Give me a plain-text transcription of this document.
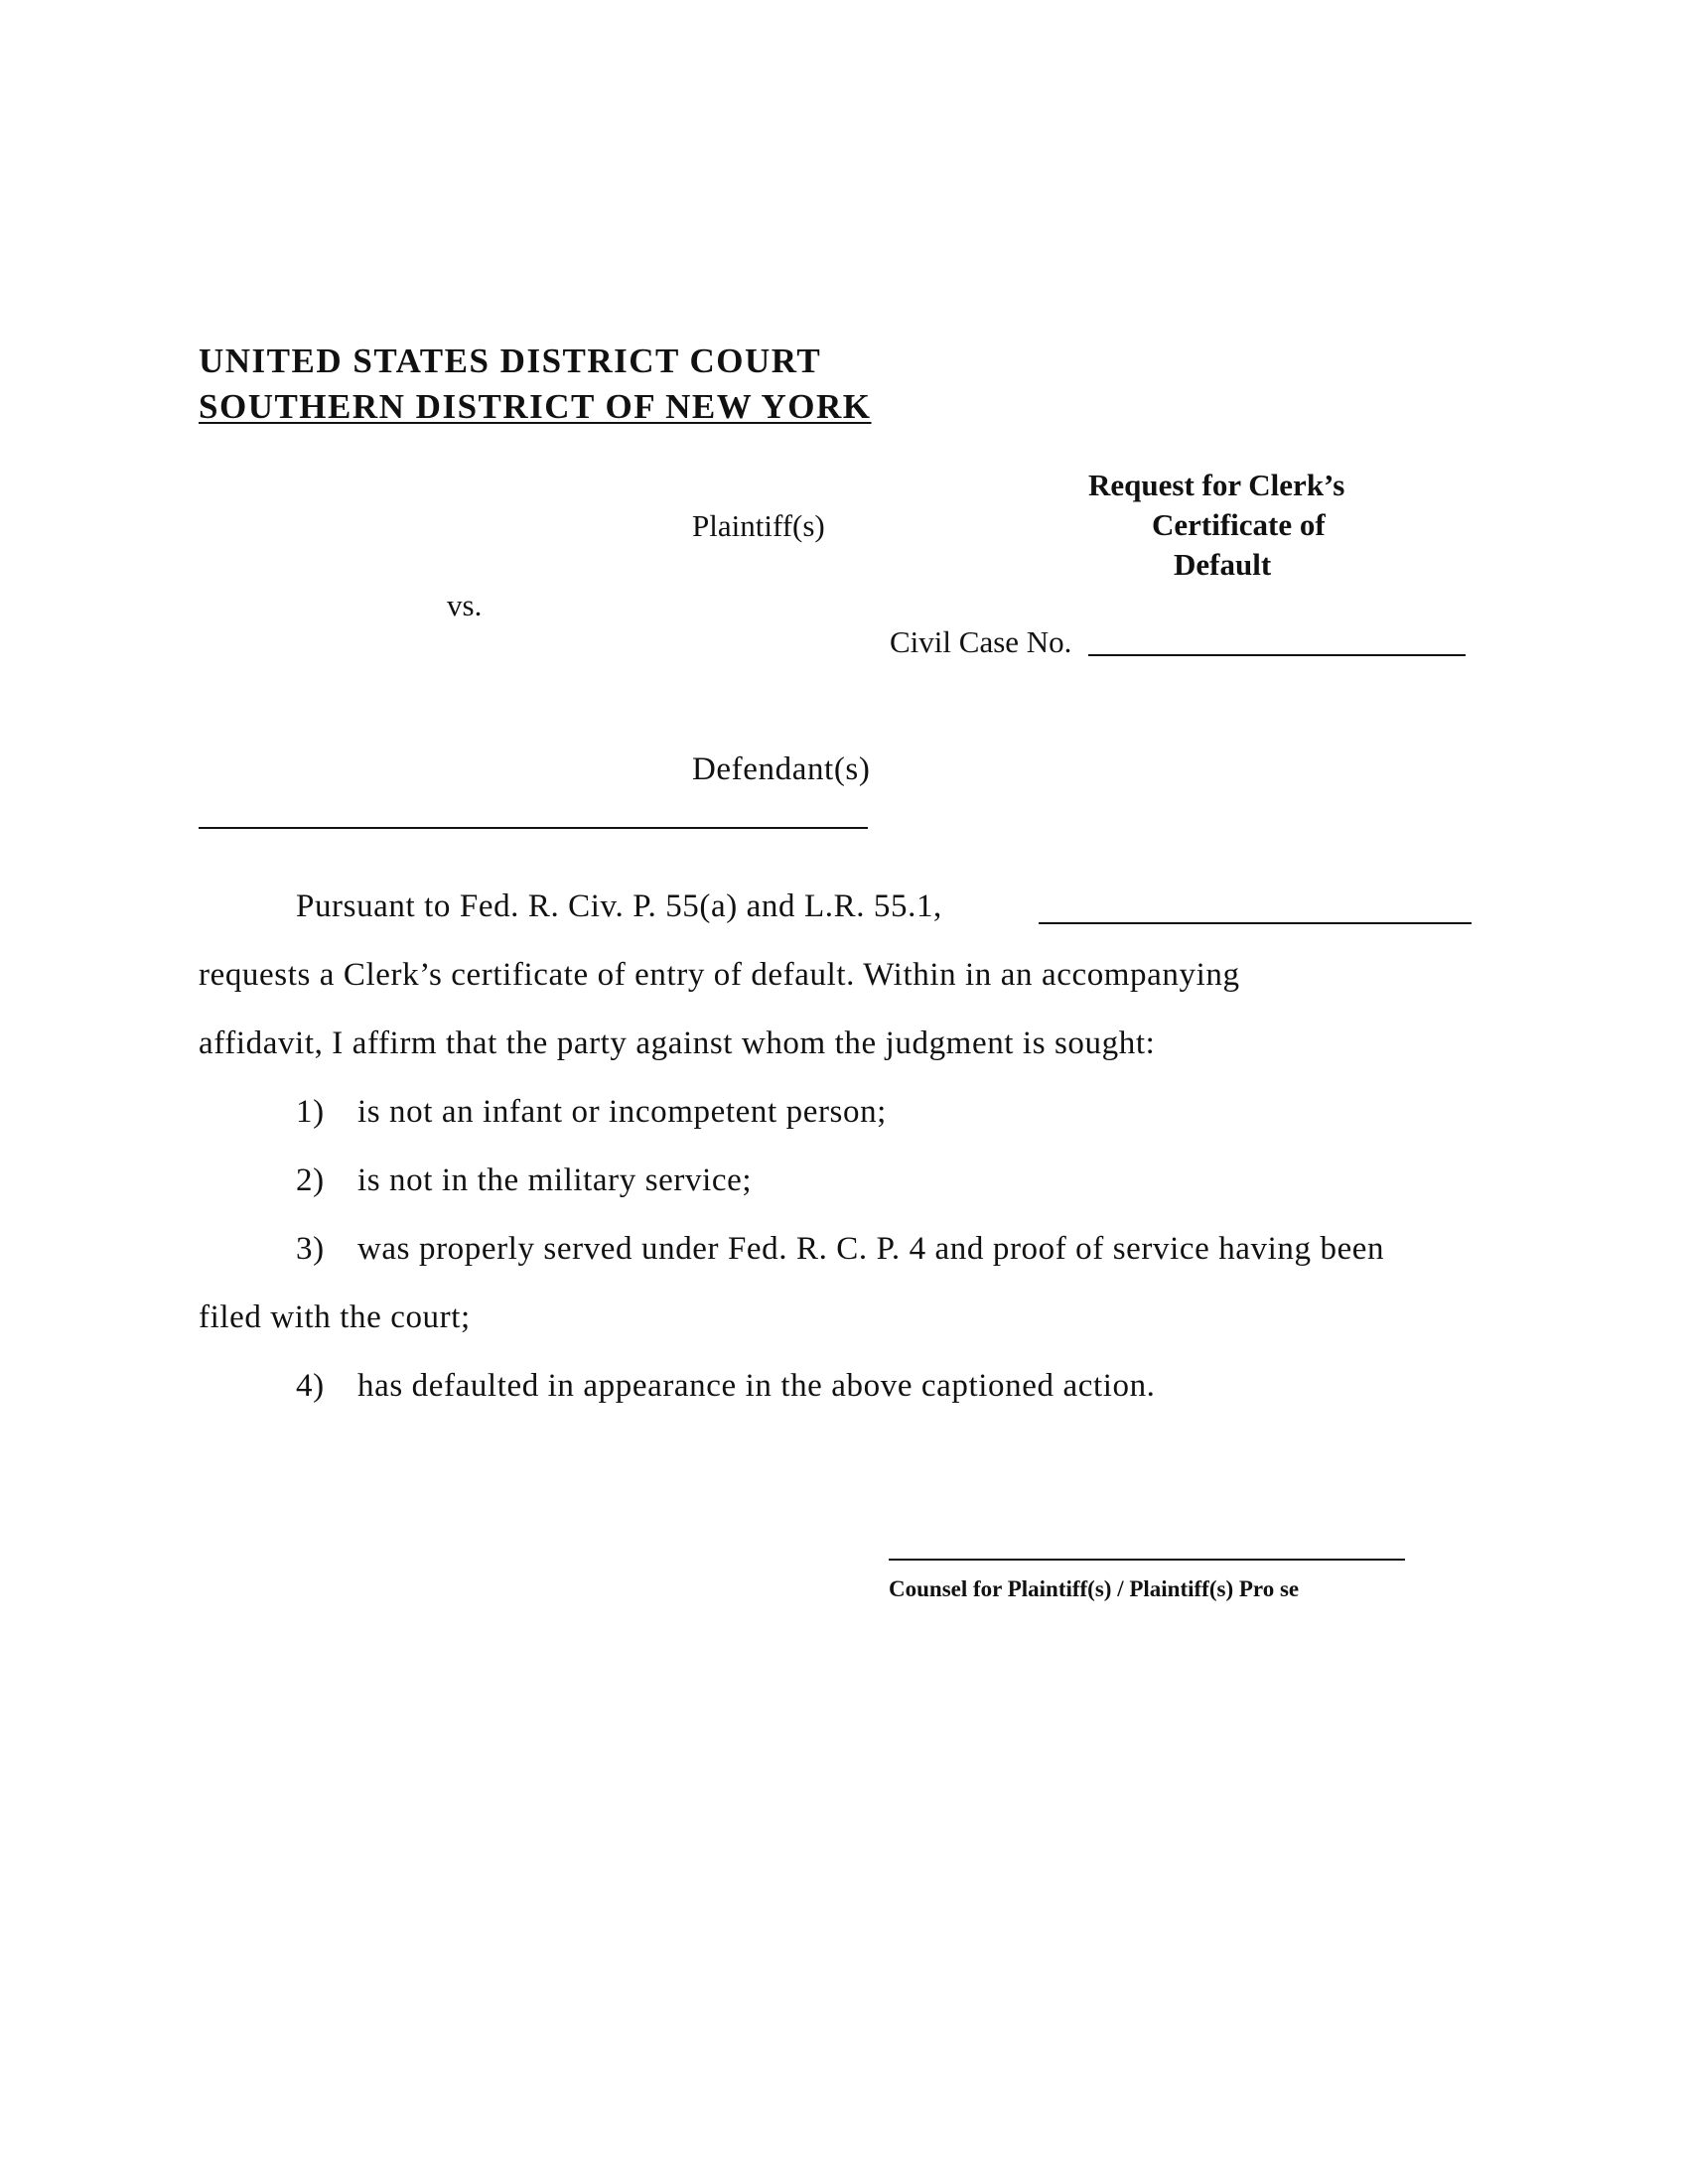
UNITED STATES DISTRICT COURT
SOUTHERN DISTRICT OF NEW YORK
Request for Clerk’s
Certificate of
Default
Plaintiff(s)
vs.
Civil Case No.
Defendant(s)
Pursuant to Fed. R. Civ. P. 55(a) and L.R. 55.1,
requests a Clerk’s certificate of entry of default. Within in an accompanying
affidavit, I affirm that the party against whom the judgment is sought:
1) is not an infant or incompetent person;
2) is not in the military service;
3) was properly served under Fed. R. C. P. 4 and proof of service having been
filed with the court;
4) has defaulted in appearance in the above captioned action.
Counsel for Plaintiff(s) / Plaintiff(s) Pro se
